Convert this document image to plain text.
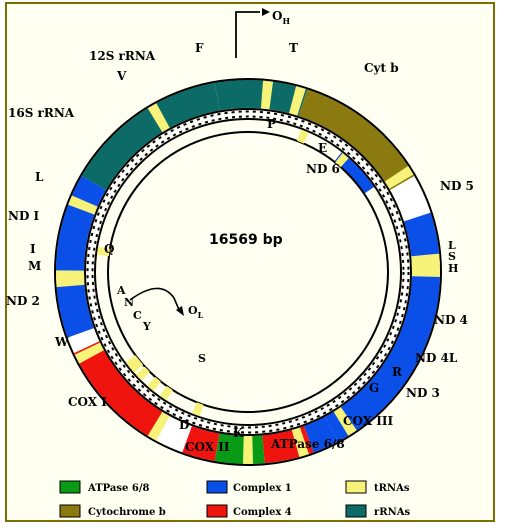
$O_H$
$O_L$
16569 bp
12S rRNA
16S rRNA
F
V
T
P
Cyt b
E
ND 6
ND 5
L
S
H
ND 4
ND 4L
R
ND 3
G
COX III
ATPase 6/8
K
COX II
D
COX I
S
W
ND 2
M
I	Q
ND I
L
A
N
C
Y
ATPase 6/8	Complex 1	tRNAs
Cytochrome b	Complex 4	rRNAs
